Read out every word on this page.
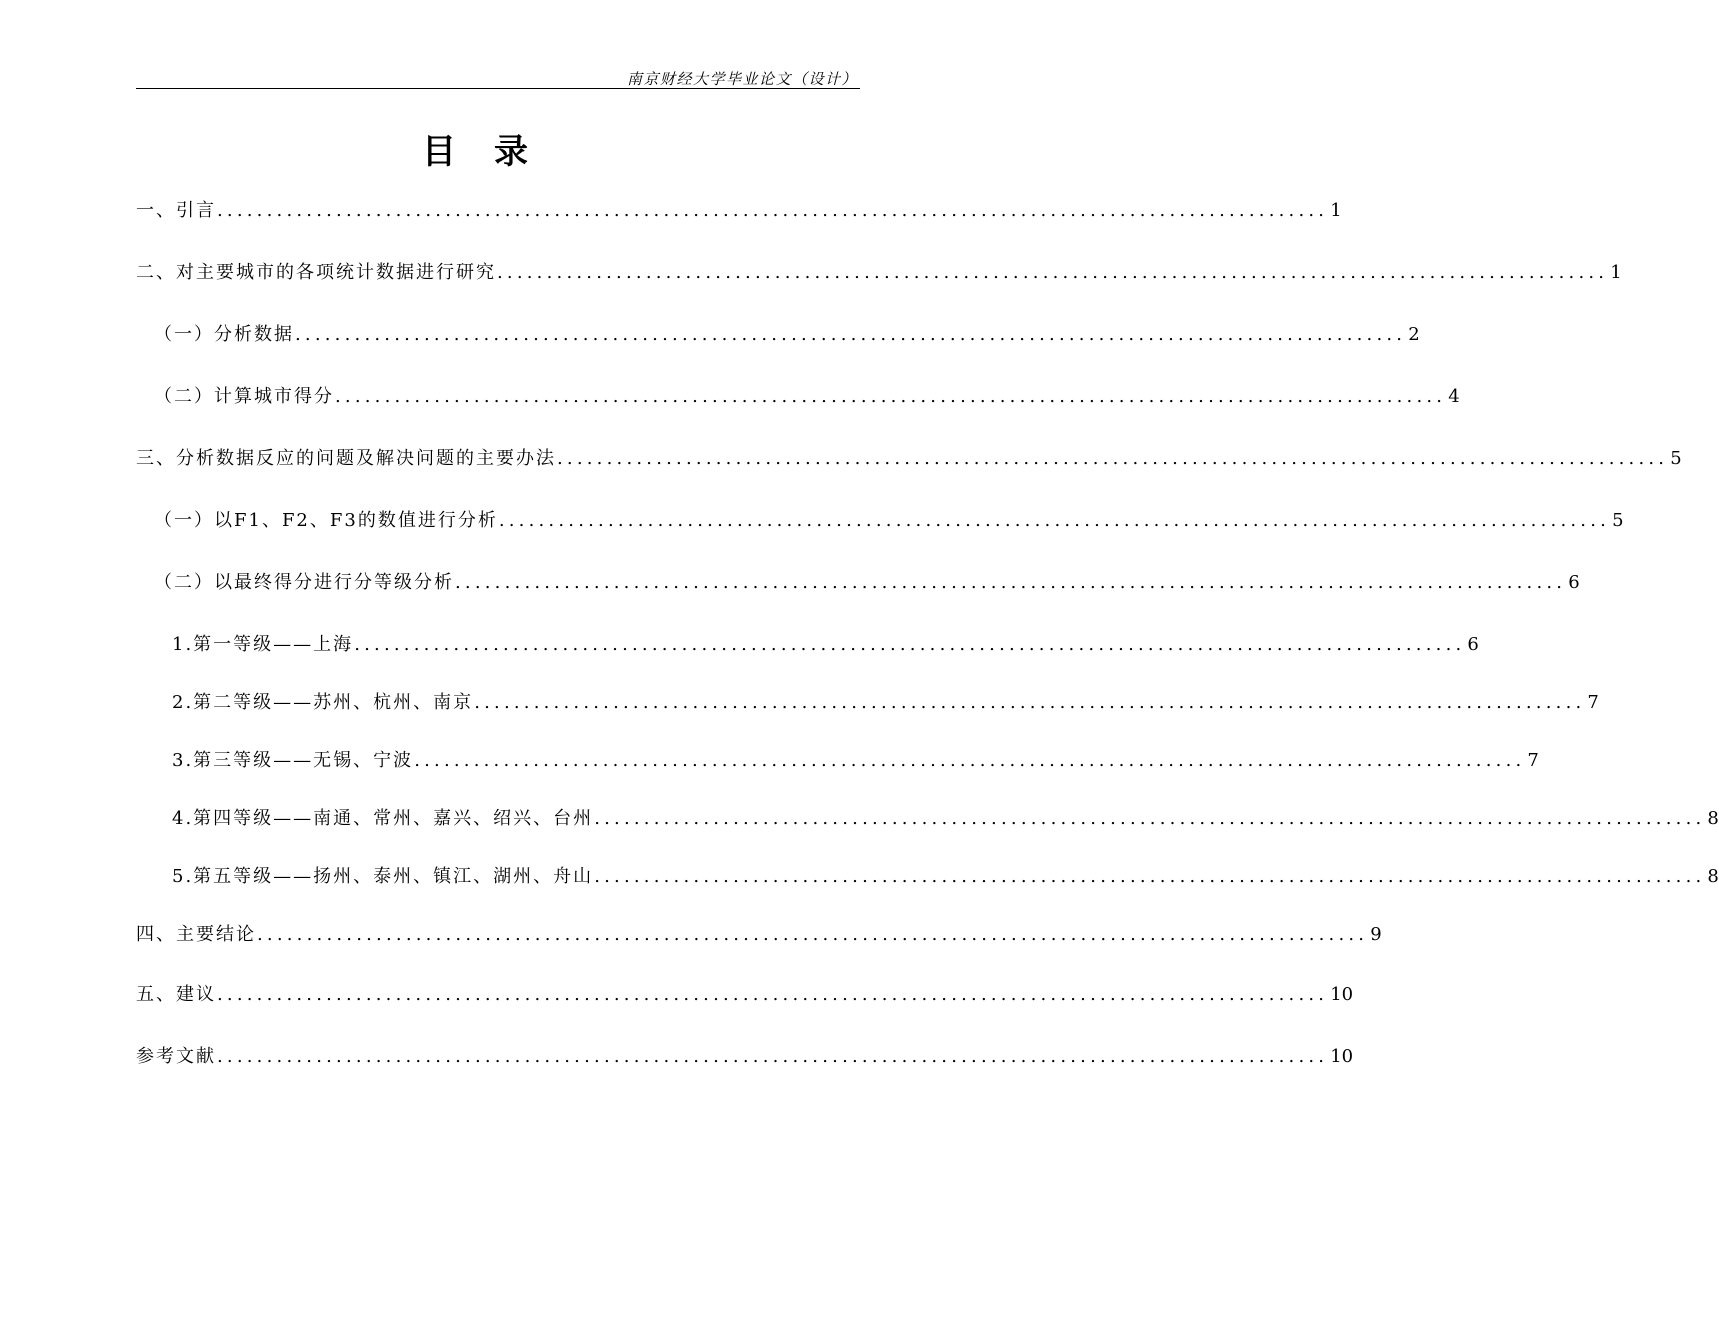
南京财经大学毕业论文（设计）
目录
一、引言 ................................................................................................................ 1
二、对主要城市的各项统计数据进行研究 ................................................................................................................ 1
（一）分析数据 ................................................................................................................ 2
（二）计算城市得分 ................................................................................................................ 4
三、分析数据反应的问题及解决问题的主要办法 ................................................................................................................ 5
（一）以F1、F2、F3的数值进行分析 ................................................................................................................ 5
（二）以最终得分进行分等级分析 ................................................................................................................ 6
1.第一等级——上海 ................................................................................................................ 6
2.第二等级——苏州、杭州、南京 ................................................................................................................ 7
3.第三等级——无锡、宁波 ................................................................................................................ 7
4.第四等级——南通、常州、嘉兴、绍兴、台州 ................................................................................................................ 8
5.第五等级——扬州、泰州、镇江、湖州、舟山 ................................................................................................................ 8
四、主要结论 ................................................................................................................ 9
五、建议 ................................................................................................................ 10
参考文献 ................................................................................................................ 10
